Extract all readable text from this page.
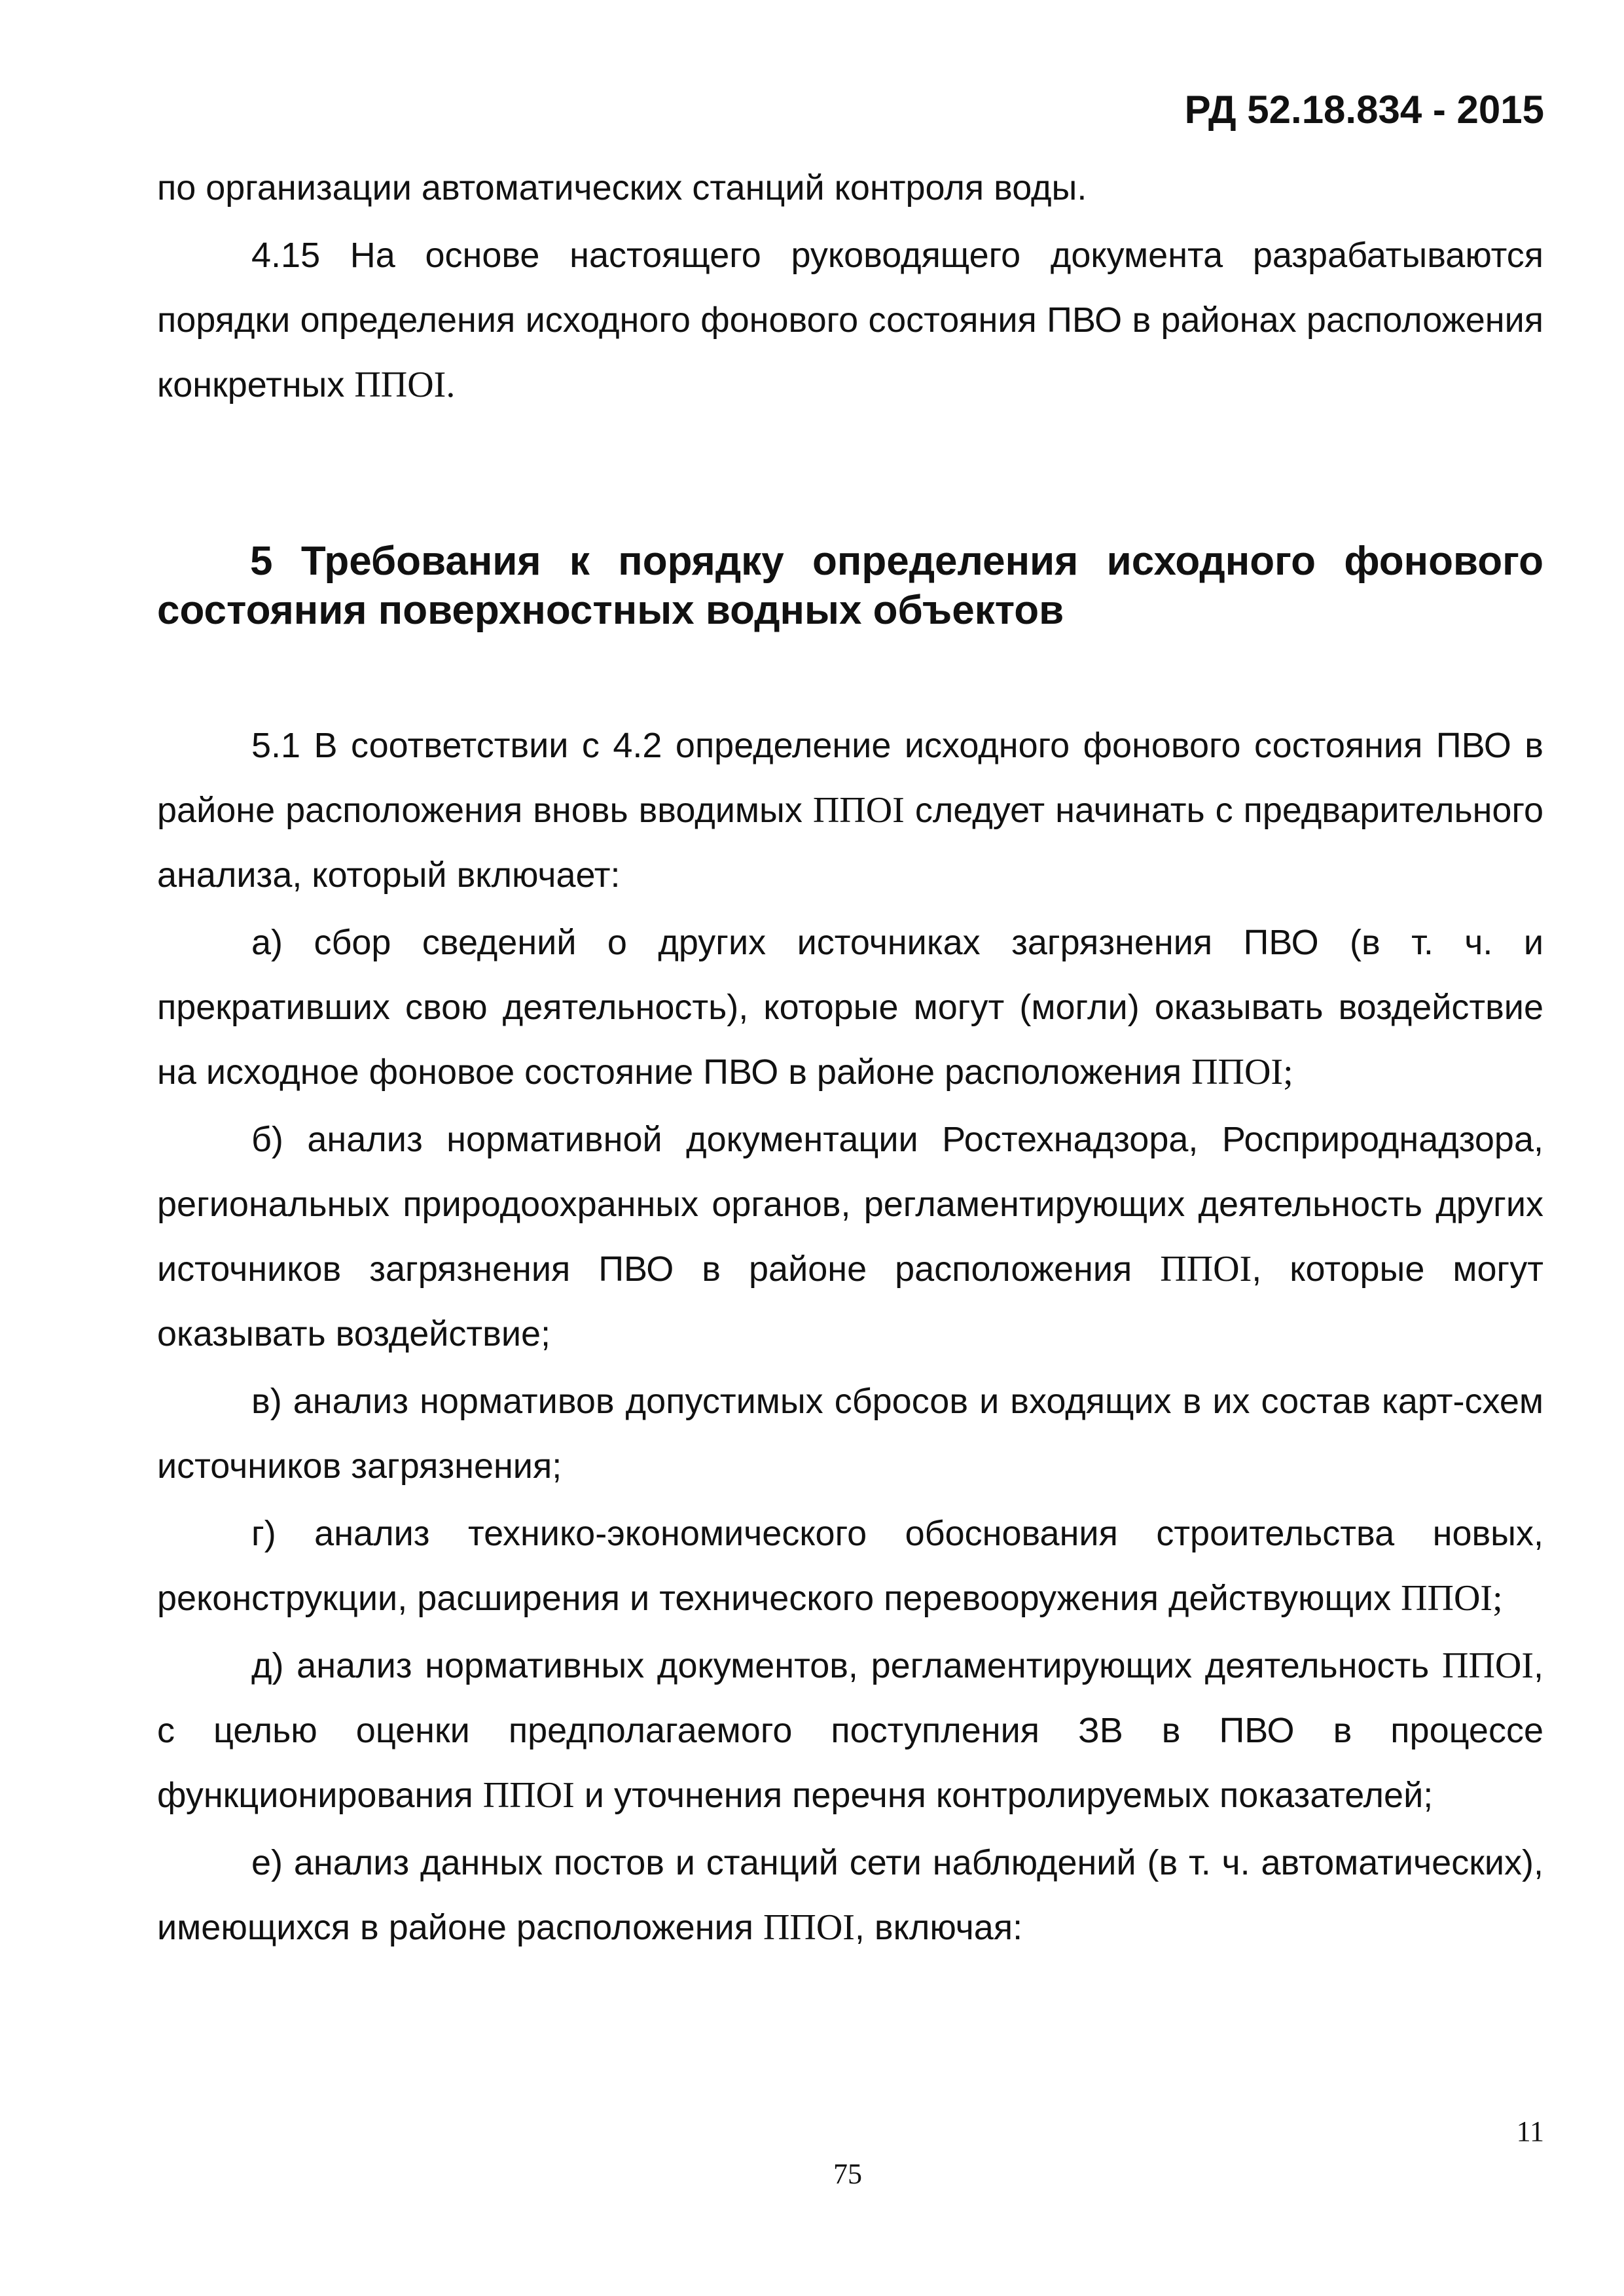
РД 52.18.834 - 2015

по организации автоматических станций контроля воды.

4.15 На основе настоящего руководящего документа разрабатываются порядки определения исходного фонового состояния ПВО в районах расположения конкретных ППОI.

5 Требования к порядку определения исходного фонового состояния поверхностных водных объектов

5.1 В соответствии с 4.2 определение исходного фонового состояния ПВО в районе расположения вновь вводимых ППОI следует начинать с предварительного анализа, который включает:

а) сбор сведений о других источниках загрязнения ПВО (в т. ч. и прекративших свою деятельность), которые могут (могли) оказывать воздействие на исходное фоновое состояние ПВО в районе расположения ППОI;

б) анализ нормативной документации Ростехнадзора, Росприроднадзора, региональных природоохранных органов, регламентирующих деятельность других источников загрязнения ПВО в районе расположения ППОI, которые могут оказывать воздействие;

в) анализ нормативов допустимых сбросов и входящих в их состав карт-схем источников загрязнения;

г) анализ технико-экономического обоснования строительства новых, реконструкции, расширения и технического перевооружения действующих ППОI;

д) анализ нормативных документов, регламентирующих деятельность ППОI, с целью оценки предполагаемого поступления ЗВ в ПВО в процессе функционирования ППОI и уточнения перечня контролируемых показателей;

е) анализ данных постов и станций сети наблюдений (в т. ч. автоматических), имеющихся в районе расположения ППОI, включая:

11
75
